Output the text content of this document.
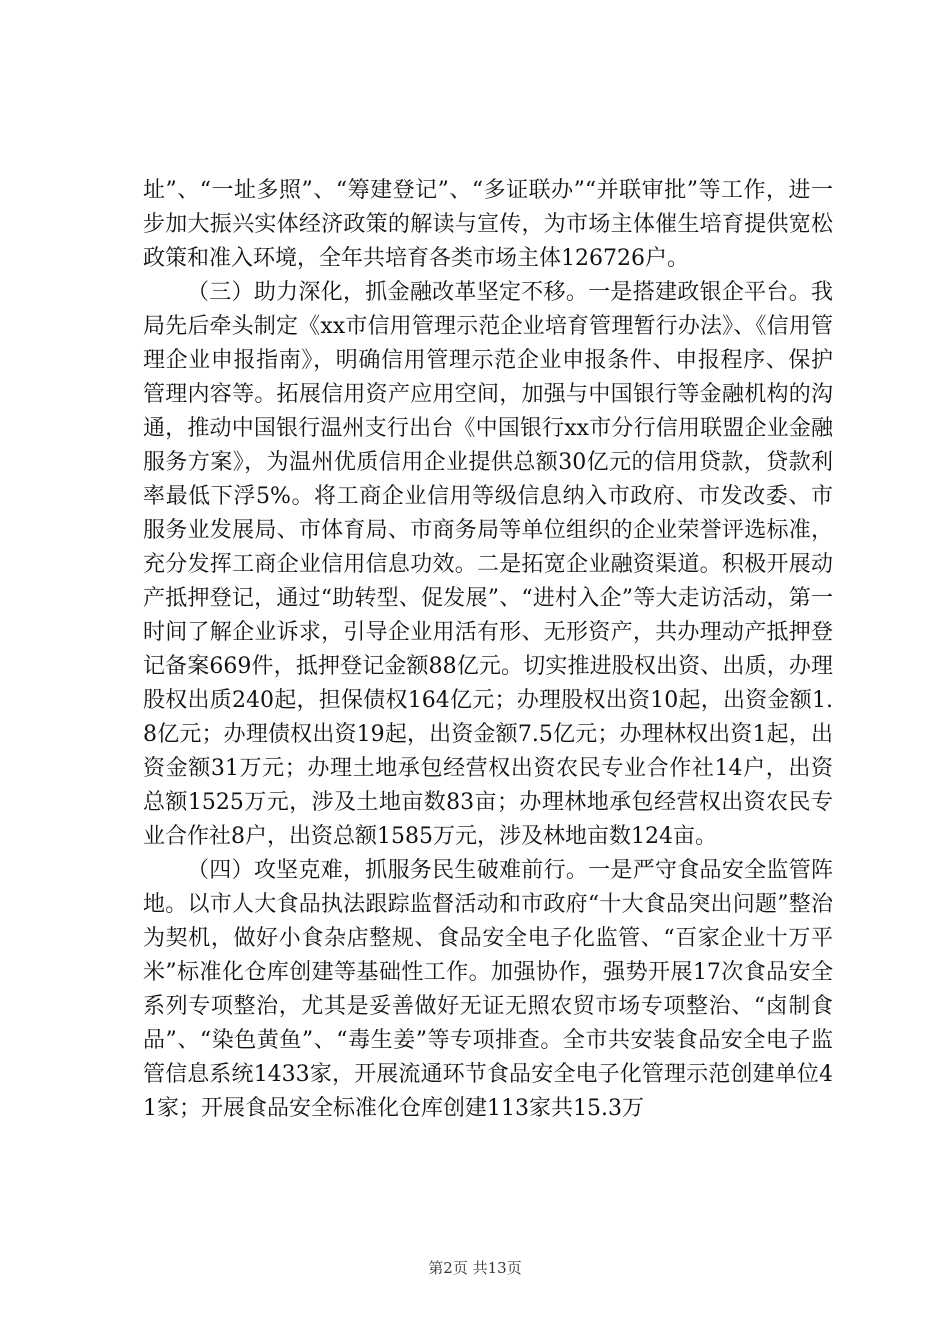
址”、“一址多照”、“筹建登记”、“多证联办”“并联审批”等工作，进一步加大振兴实体经济政策的解读与宣传，为市场主体催生培育提供宽松政策和准入环境，全年共培育各类市场主体126726户。

（三）助力深化，抓金融改革坚定不移。一是搭建政银企平台。我局先后牵头制定《xx市信用管理示范企业培育管理暂行办法》、《信用管理企业申报指南》，明确信用管理示范企业申报条件、申报程序、保护管理内容等。拓展信用资产应用空间，加强与中国银行等金融机构的沟通，推动中国银行温州支行出台《中国银行xx市分行信用联盟企业金融服务方案》，为温州优质信用企业提供总额30亿元的信用贷款，贷款利率最低下浮5%。将工商企业信用等级信息纳入市政府、市发改委、市服务业发展局、市体育局、市商务局等单位组织的企业荣誉评选标准，充分发挥工商企业信用信息功效。二是拓宽企业融资渠道。积极开展动产抵押登记，通过“助转型、促发展”、“进村入企”等大走访活动，第一时间了解企业诉求，引导企业用活有形、无形资产，共办理动产抵押登记备案669件，抵押登记金额88亿元。切实推进股权出资、出质，办理股权出质240起，担保债权164亿元；办理股权出资10起，出资金额1.8亿元；办理债权出资19起，出资金额7.5亿元；办理林权出资1起，出资金额31万元；办理土地承包经营权出资农民专业合作社14户，出资总额1525万元，涉及土地亩数83亩；办理林地承包经营权出资农民专业合作社8户，出资总额1585万元，涉及林地亩数124亩。

（四）攻坚克难，抓服务民生破难前行。一是严守食品安全监管阵地。以市人大食品执法跟踪监督活动和市政府“十大食品突出问题”整治为契机，做好小食杂店整规、食品安全电子化监管、“百家企业十万平米”标准化仓库创建等基础性工作。加强协作，强势开展17次食品安全系列专项整治，尤其是妥善做好无证无照农贸市场专项整治、“卤制食品”、“染色黄鱼”、“毒生姜”等专项排查。全市共安装食品安全电子监管信息系统1433家，开展流通环节食品安全电子化管理示范创建单位41家；开展食品安全标准化仓库创建113家共15.3万

第2页 共13页
